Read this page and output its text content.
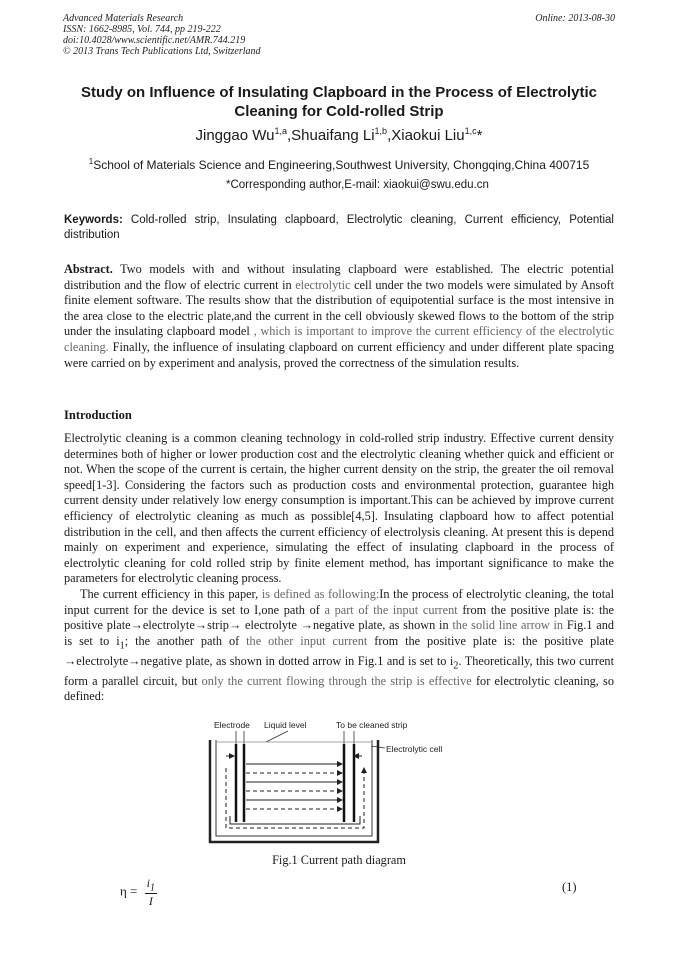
Advanced Materials Research
ISSN: 1662-8985, Vol. 744, pp 219-222
doi:10.4028/www.scientific.net/AMR.744.219
© 2013 Trans Tech Publications Ltd, Switzerland
Online: 2013-08-30
Study on Influence of Insulating Clapboard in the Process of Electrolytic Cleaning for Cold-rolled Strip
Jinggao Wu$^{1,a}$,Shuaifang Li$^{1,b}$,Xiaokui Liu$^{1,c}$*
$^1$School of Materials Science and Engineering,Southwest University, Chongqing,China 400715
*Corresponding author,E-mail: xiaokui@swu.edu.cn
Keywords: Cold-rolled strip, Insulating clapboard, Electrolytic cleaning, Current efficiency, Potential distribution
Abstract. Two models with and without insulating clapboard were established. The electric potential distribution and the flow of electric current in electrolytic cell under the two models were simulated by Ansoft finite element software. The results show that the distribution of equipotential surface is the most intensive in the area close to the electric plate,and the current in the cell obviously skewed flows to the bottom of the strip under the insulating clapboard model , which is important to improve the current efficiency of the electrolytic cleaning. Finally, the influence of insulating clapboard on current efficiency and under different plate spacing were carried on by experiment and analysis, proved the correctness of the simulation results.
Introduction

Electrolytic cleaning is a common cleaning technology in cold-rolled strip industry. Effective current density determines both of higher or lower production cost and the electrolytic cleaning whether quick and efficient or not. When the scope of the current is certain, the higher current density on the strip, the greater the oil removal speed[1-3]. Considering the factors such as production costs and environmental protection, guarantee high current density under relatively low energy consumption is important.This can be achieved by improve current efficiency of electrolytic cleaning as much as possible[4,5]. Insulating clapboard how to affect potential distribution in the cell, and then affects the current efficiency of electrolysis cleaning. At present this is depend mainly on experiment and experience, simulating the effect of insulating clapboard in the process of electrolytic cleaning for cold rolled strip by finite element method, has important significance to make the parameters for electrolytic cleaning process.

The current efficiency in this paper, is defined as following:In the process of electrolytic cleaning, the total input current for the device is set to I,one path of a part of the input current from the positive plate is: the positive plate→electrolyte→strip→ electrolyte →negative plate, as shown in the solid line arrow in Fig.1 and is set to $i_1$; the another path of the other input current from the positive plate is: the positive plate →electrolyte→negative plate, as shown in dotted arrow in Fig.1 and is set to $i_2$. Theoretically, this two current form a parallel circuit, but only the current flowing through the strip is effective for electrolytic cleaning, so defined:

Electrode Liquid level	To be cleaned strip
Electrolytic cell
Fig.1 Current path diagram
$\eta = \frac{i_1}{I}$	(1)
